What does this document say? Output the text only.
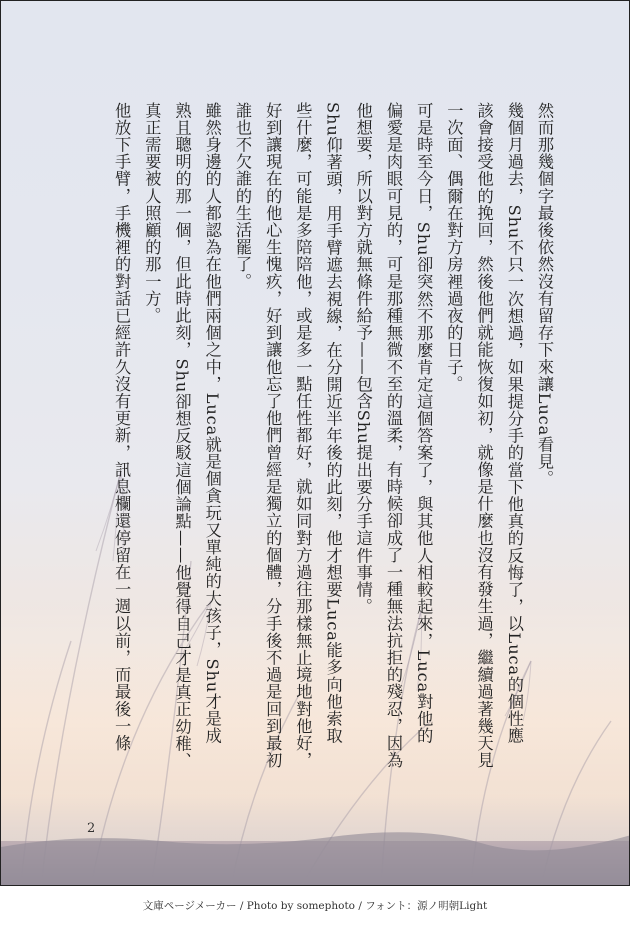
然而那幾個字最後依然沒有留存下來讓Luca看見。

幾個月過去，Shu不只一次想過，如果提分手的當下他真的反悔了，以Luca的個性應

該會接受他的挽回，然後他們就能恢復如初，就像是什麼也沒有發生過，繼續過著幾天見

一次面、偶爾在對方房裡過夜的日子。

可是時至今日，Shu卻突然不那麼肯定這個答案了，與其他人相較起來，Luca對他的

偏愛是肉眼可見的，可是那種無微不至的溫柔，有時候卻成了一種無法抗拒的殘忍，因為

他想要，所以對方就無條件給予——包含Shu提出要分手這件事情。

Shu仰著頭，用手臂遮去視線，在分開近半年後的此刻，他才想要Luca能多向他索取

些什麼，可能是多陪陪他，或是多一點任性都好，就如同對方過往那樣無止境地對他好，

好到讓現在的他心生愧疚，好到讓他忘了他們曾經是獨立的個體，分手後不過是回到最初

誰也不欠誰的生活罷了。

雖然身邊的人都認為在他們兩個之中，Luca就是個貪玩又單純的大孩子，Shu才是成

熟且聰明的那一個，但此時此刻，Shu卻想反駁這個論點——他覺得自己才是真正幼稚、

真正需要被人照顧的那一方。

他放下手臂，手機裡的對話已經許久沒有更新，訊息欄還停留在一週以前，而最後一條

2
文庫ページメーカー / Photo by somephoto / フォント：源ノ明朝Light
